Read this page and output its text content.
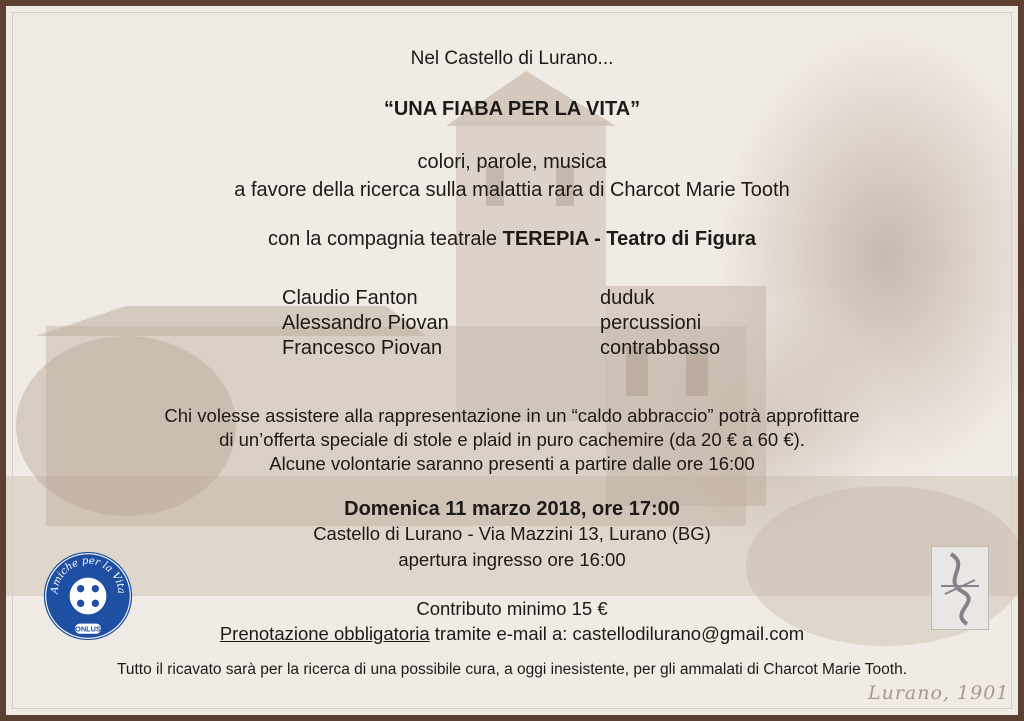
Nel Castello di Lurano...
“UNA FIABA PER LA VITA”
colori, parole, musica
a favore della ricerca sulla malattia rara di Charcot Marie Tooth
con la compagnia teatrale TEREPIA - Teatro di Figura
Claudio Fanton
Alessandro Piovan
Francesco Piovan
duduk
percussioni
contrabbasso
Chi volesse assistere alla rappresentazione in un “caldo abbraccio” potrà approfittare
di un’offerta speciale di stole e plaid in puro cachemire (da 20 € a 60 €).
Alcune volontarie saranno presenti a partire dalle ore 16:00
Domenica 11 marzo 2018, ore 17:00
Castello di Lurano - Via Mazzini 13, Lurano (BG)
apertura ingresso ore 16:00
Contributo minimo 15 €
Prenotazione obbligatoria tramite e-mail a: castellodilurano@gmail.com
Tutto il ricavato sarà per la ricerca di una possibile cura, a oggi inesistente, per gli ammalati di Charcot Marie Tooth.
Amiche per la Vita
ONLUS
Lurano, 1901
